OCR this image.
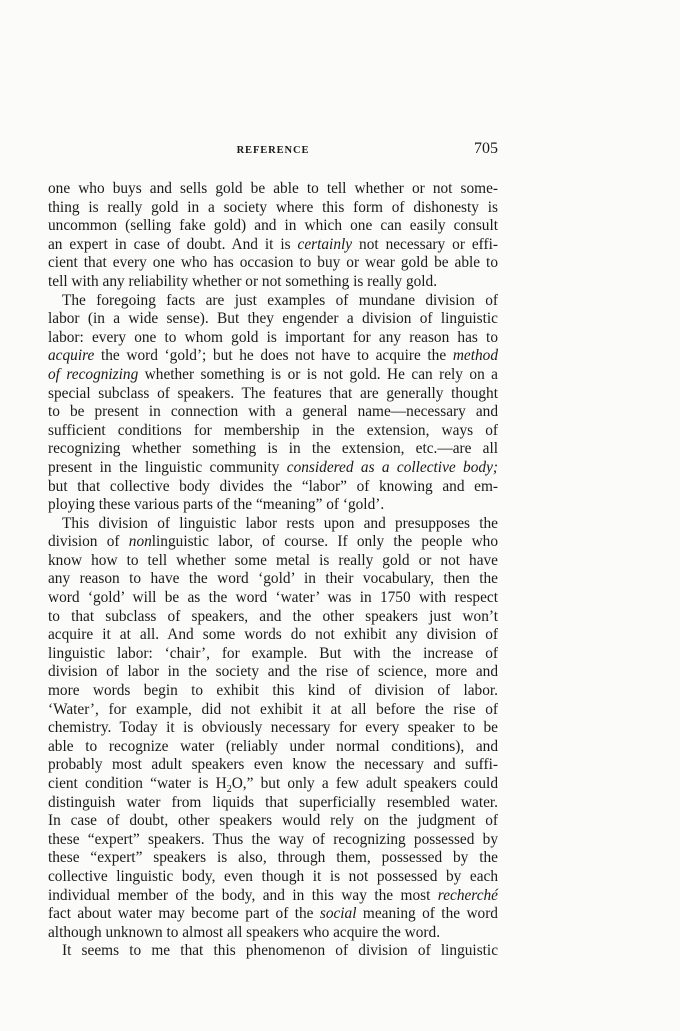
REFERENCE	705
one who buys and sells gold be able to tell whether or not some-
thing is really gold in a society where this form of dishonesty is
uncommon (selling fake gold) and in which one can easily consult
an expert in case of doubt. And it is certainly not necessary or effi-
cient that every one who has occasion to buy or wear gold be able to
tell with any reliability whether or not something is really gold.
The foregoing facts are just examples of mundane division of
labor (in a wide sense). But they engender a division of linguistic
labor: every one to whom gold is important for any reason has to
acquire the word ‘gold’; but he does not have to acquire the method
of recognizing whether something is or is not gold. He can rely on a
special subclass of speakers. The features that are generally thought
to be present in connection with a general name—necessary and
sufficient conditions for membership in the extension, ways of
recognizing whether something is in the extension, etc.—are all
present in the linguistic community considered as a collective body;
but that collective body divides the “labor” of knowing and em-
ploying these various parts of the “meaning” of ‘gold’.
This division of linguistic labor rests upon and presupposes the
division of nonlinguistic labor, of course. If only the people who
know how to tell whether some metal is really gold or not have
any reason to have the word ‘gold’ in their vocabulary, then the
word ‘gold’ will be as the word ‘water’ was in 1750 with respect
to that subclass of speakers, and the other speakers just won’t
acquire it at all. And some words do not exhibit any division of
linguistic labor: ‘chair’, for example. But with the increase of
division of labor in the society and the rise of science, more and
more words begin to exhibit this kind of division of labor.
‘Water’, for example, did not exhibit it at all before the rise of
chemistry. Today it is obviously necessary for every speaker to be
able to recognize water (reliably under normal conditions), and
probably most adult speakers even know the necessary and suffi-
cient condition “water is $H_2O$,” but only a few adult speakers could
distinguish water from liquids that superficially resembled water.
In case of doubt, other speakers would rely on the judgment of
these “expert” speakers. Thus the way of recognizing possessed by
these “expert” speakers is also, through them, possessed by the
collective linguistic body, even though it is not possessed by each
individual member of the body, and in this way the most recherché
fact about water may become part of the social meaning of the word
although unknown to almost all speakers who acquire the word.
It seems to me that this phenomenon of division of linguistic
